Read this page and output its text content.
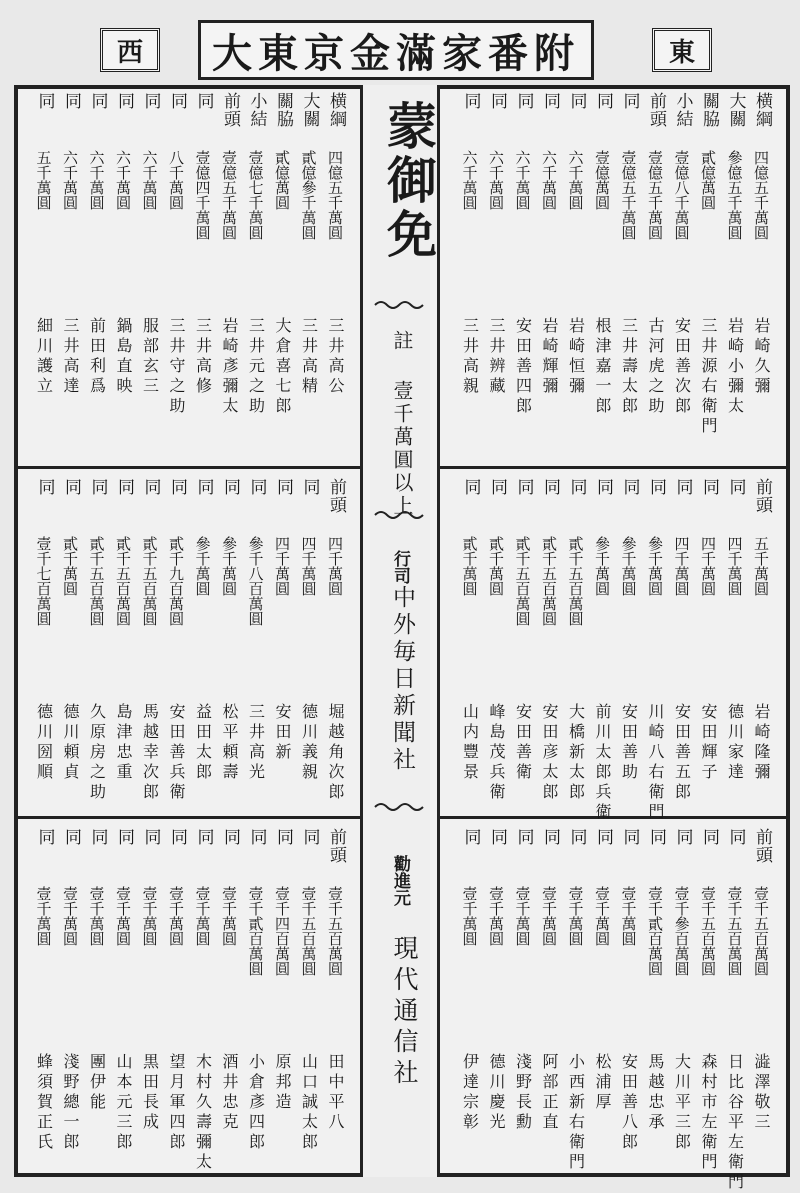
西	大東京金滿家番附	東
蒙御免
註 壹千萬圓以上
行司
中外毎日新聞社
勸進元
現代通信社
横綱
四億五千萬圓
岩崎久彌
大關
參億五千萬圓
岩崎小彌太
關脇
貳億萬圓
三井源右衛門
小結
壹億八千萬圓
安田善次郎
前頭
壹億五千萬圓
古河虎之助
同
壹億五千萬圓
三井壽太郎
同
壹億萬圓
根津嘉一郎
同
六千萬圓
岩崎恒彌
同
六千萬圓
岩崎輝彌
同
六千萬圓
安田善四郎
同
六千萬圓
三井辨藏
同
六千萬圓
三井高親
前頭
五千萬圓
岩崎隆彌
同
四千萬圓
德川家達
同
四千萬圓
安田輝子
同
四千萬圓
安田善五郎
同
參千萬圓
川崎八右衛門
同
參千萬圓
安田善助
同
參千萬圓
前川太郎兵衛
同
貳千五百萬圓
大橋新太郎
同
貳千五百萬圓
安田彦太郎
同
貳千五百萬圓
安田善衛
同
貳千萬圓
峰島茂兵衛
同
貳千萬圓
山内豐景
前頭
壹千五百萬圓
澁澤敬三
同
壹千五百萬圓
日比谷平左衛門
同
壹千五百萬圓
森村市左衛門
同
壹千參百萬圓
大川平三郎
同
壹千貳百萬圓
馬越忠承
同
壹千萬圓
安田善八郎
同
壹千萬圓
松浦厚
同
壹千萬圓
小西新右衛門
同
壹千萬圓
阿部正直
同
壹千萬圓
淺野長勳
同
壹千萬圓
德川慶光
同
壹千萬圓
伊達宗彰
横綱
四億五千萬圓
三井高公
大關
貳億參千萬圓
三井高精
關脇
貳億萬圓
大倉喜七郎
小結
壹億七千萬圓
三井元之助
前頭
壹億五千萬圓
岩崎彥彌太
同
壹億四千萬圓
三井高修
同
八千萬圓
三井守之助
同
六千萬圓
服部玄三
同
六千萬圓
鍋島直映
同
六千萬圓
前田利爲
同
六千萬圓
三井高達
同
五千萬圓
細川護立
前頭
四千萬圓
堀越角次郎
同
四千萬圓
德川義親
同
四千萬圓
安田新
同
參千八百萬圓
三井高光
同
參千萬圓
松平頼壽
同
參千萬圓
益田太郎
同
貳千九百萬圓
安田善兵衛
同
貳千五百萬圓
馬越幸次郎
同
貳千五百萬圓
島津忠重
同
貳千五百萬圓
久原房之助
同
貳千萬圓
德川頼貞
同
壹千七百萬圓
德川圀順
前頭
壹千五百萬圓
田中平八
同
壹千五百萬圓
山口誠太郎
同
壹千四百萬圓
原邦造
同
壹千貳百萬圓
小倉彥四郎
同
壹千萬圓
酒井忠克
同
壹千萬圓
木村久壽彌太
同
壹千萬圓
望月軍四郎
同
壹千萬圓
黒田長成
同
壹千萬圓
山本元三郎
同
壹千萬圓
團伊能
同
壹千萬圓
淺野總一郎
同
壹千萬圓
蜂須賀正氏
